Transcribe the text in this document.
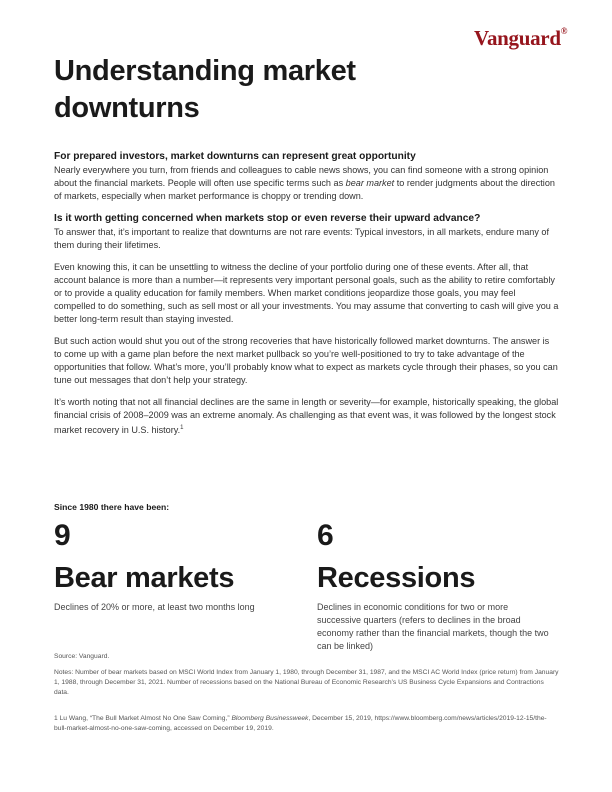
Vanguard®
Understanding market downturns
For prepared investors, market downturns can represent great opportunity
Nearly everywhere you turn, from friends and colleagues to cable news shows, you can find someone with a strong opinion about the financial markets. People will often use specific terms such as bear market to render judgments about the direction of markets, especially when market performance is choppy or trending down.
Is it worth getting concerned when markets stop or even reverse their upward advance?
To answer that, it’s important to realize that downturns are not rare events: Typical investors, in all markets, endure many of them during their lifetimes.
Even knowing this, it can be unsettling to witness the decline of your portfolio during one of these events. After all, that account balance is more than a number—it represents very important personal goals, such as the ability to retire comfortably or to provide a quality education for family members. When market conditions jeopardize those goals, you may feel compelled to do something, such as sell most or all your investments. You may assume that converting to cash will give you a better long-term result than staying invested.
But such action would shut you out of the strong recoveries that have historically followed market downturns. The answer is to come up with a game plan before the next market pullback so you’re well-positioned to try to take advantage of the opportunities that follow. What’s more, you’ll probably know what to expect as markets cycle through their phases, so you can tune out messages that don’t help your strategy.
It’s worth noting that not all financial declines are the same in length or severity—for example, historically speaking, the global financial crisis of 2008–2009 was an extreme anomaly. As challenging as that event was, it was followed by the longest stock market recovery in U.S. history.$^1$
Since 1980 there have been:
9
Bear markets
Declines of 20% or more, at least two months long
6
Recessions
Declines in economic conditions for two or more successive quarters (refers to declines in the broad economy rather than the financial markets, though the two can be linked)
Source: Vanguard.
Notes: Number of bear markets based on MSCI World Index from January 1, 1980, through December 31, 1987, and the MSCI AC World Index (price return) from January 1, 1988, through December 31, 2021. Number of recessions based on the National Bureau of Economic Research’s US Business Cycle Expansions and Contractions data.
1 Lu Wang, “The Bull Market Almost No One Saw Coming,” Bloomberg Businessweek, December 15, 2019, https://www.bloomberg.com/news/articles/2019-12-15/the-bull-market-almost-no-one-saw-coming, accessed on December 19, 2019.
